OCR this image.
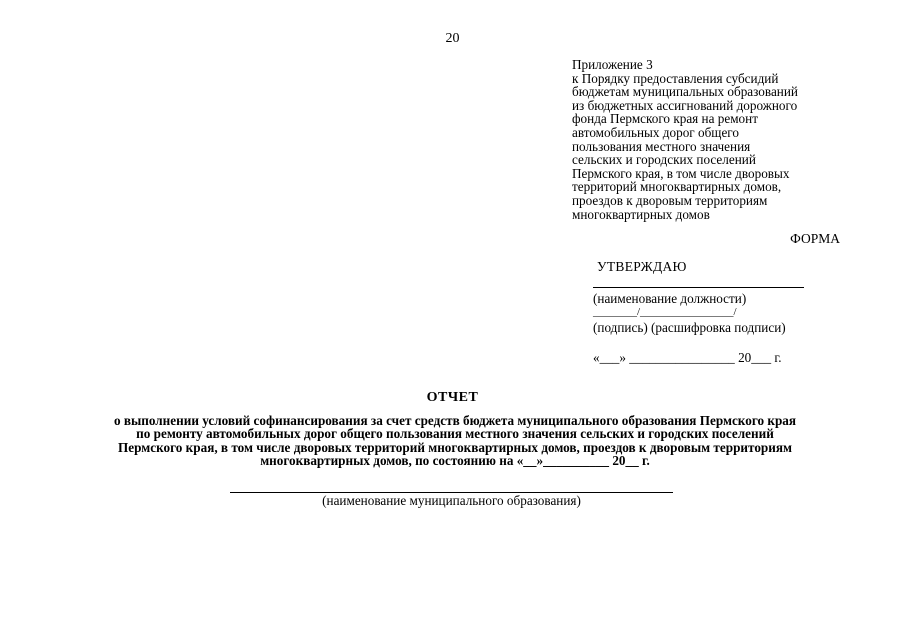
20
Приложение 3
к Порядку предоставления субсидий
бюджетам муниципальных образований
из бюджетных ассигнований дорожного
фонда Пермского края на ремонт
автомобильных дорог общего
пользования местного значения
сельских и городских поселений
Пермского края, в том числе дворовых
территорий многоквартирных домов,
проездов к дворовым территориям
многоквартирных домов
ФОРМА
УТВЕРЖДАЮ
(наименование должности)
________/_________________/
(подпись) (расшифровка подписи)
«___» ________________ 20___ г.
ОТЧЕТ
о выполнении условий софинансирования за счет средств бюджета муниципального образования Пермского края
по ремонту автомобильных дорог общего пользования местного значения сельских и городских поселений
Пермского края, в том числе дворовых территорий многоквартирных домов, проездов к дворовым территориям
многоквартирных домов, по состоянию на «__»__________ 20__ г.
(наименование муниципального образования)
